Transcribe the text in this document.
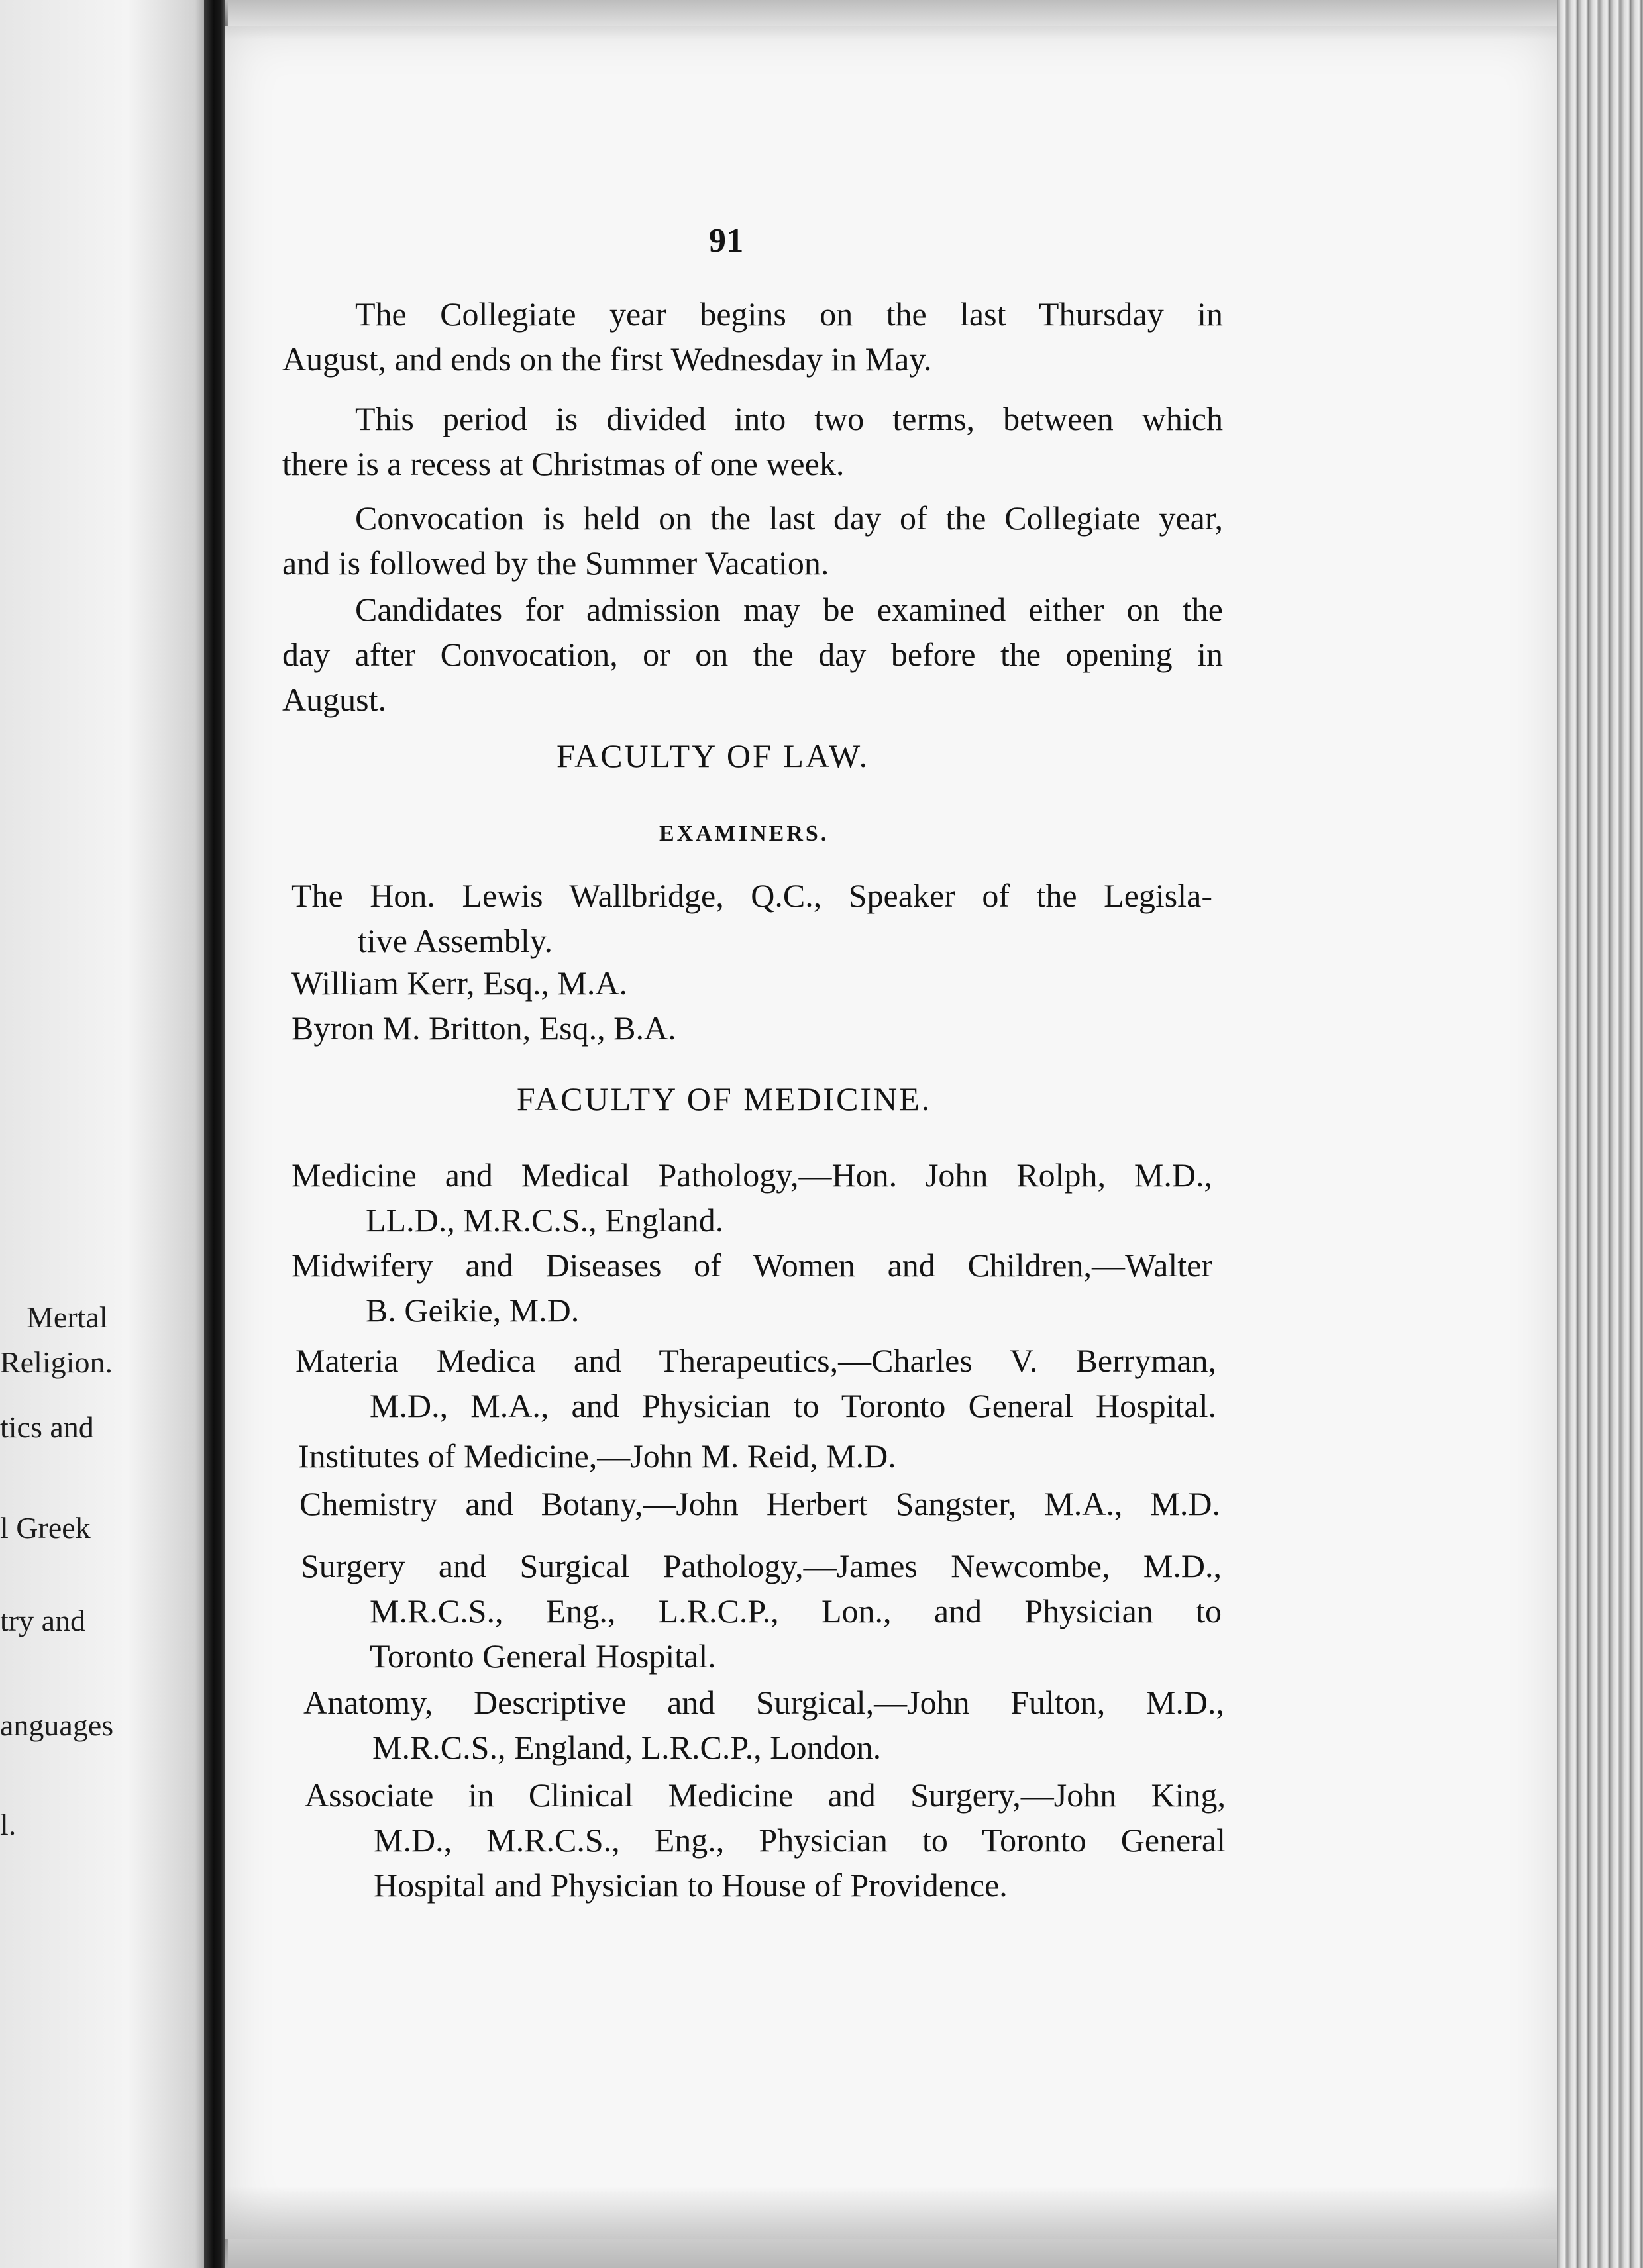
Mertal
Religion.
tics and
l Greek
try and
anguages
l.
91
The Collegiate year begins on the last Thursday in
August, and ends on the first Wednesday in May.
This period is divided into two terms, between which
there is a recess at Christmas of one week.
Convocation is held on the last day of the Collegiate year,
and is followed by the Summer Vacation.
Candidates for admission may be examined either on the
day after Convocation, or on the day before the opening in
August.
FACULTY OF LAW.
EXAMINERS.
The Hon. Lewis Wallbridge, Q.C., Speaker of the Legisla-
tive Assembly.
William Kerr, Esq., M.A.
Byron M. Britton, Esq., B.A.
FACULTY OF MEDICINE.
Medicine and Medical Pathology,—Hon. John Rolph, M.D.,
LL.D., M.R.C.S., England.
Midwifery and Diseases of Women and Children,—Walter
B. Geikie, M.D.
Materia Medica and Therapeutics,—Charles V. Berryman,
M.D., M.A., and Physician to Toronto General Hospital.
Institutes of Medicine,—John M. Reid, M.D.
Chemistry and Botany,—John Herbert Sangster, M.A., M.D.
Surgery and Surgical Pathology,—James Newcombe, M.D.,
M.R.C.S., Eng., L.R.C.P., Lon., and Physician to
Toronto General Hospital.
Anatomy, Descriptive and Surgical,—John Fulton, M.D.,
M.R.C.S., England, L.R.C.P., London.
Associate in Clinical Medicine and Surgery,—John King,
M.D., M.R.C.S., Eng., Physician to Toronto General
Hospital and Physician to House of Providence.
